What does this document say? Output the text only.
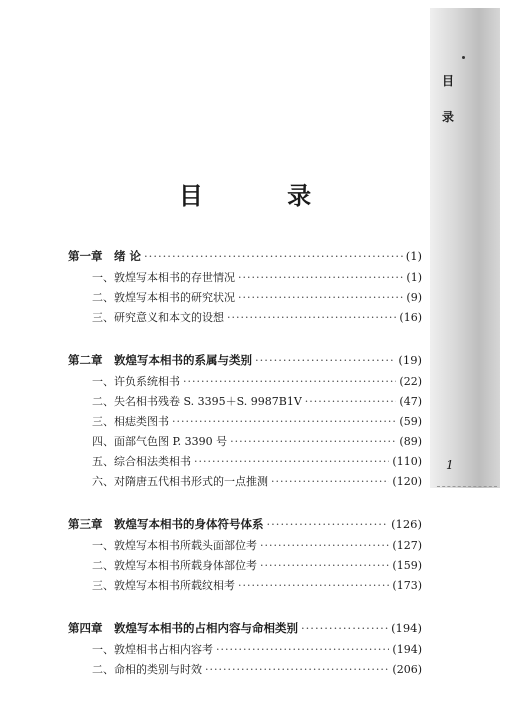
目
录
1
目 录
第一章 绪 论 ·····	(1)
一、敦煌写本相书的存世情况 ·····	(1)
二、敦煌写本相书的研究状况 ·····	(9)
三、研究意义和本文的设想 ·····	(16)
第二章 敦煌写本相书的系属与类别 ·····	(19)
一、许负系统相书 ·····	(22)
二、失名相书残卷 S. 3395＋S. 9987B1V ·····	(47)
三、相痣类图书 ·····	(59)
四、面部气色图 P. 3390 号 ·····	(89)
五、综合相法类相书 ·····	(110)
六、对隋唐五代相书形式的一点推测 ·····	(120)
第三章 敦煌写本相书的身体符号体系 ·····	(126)
一、敦煌写本相书所载头面部位考 ·····	(127)
二、敦煌写本相书所载身体部位考 ·····	(159)
三、敦煌写本相书所载纹相考 ·····	(173)
第四章 敦煌写本相书的占相内容与命相类别 ·····	(194)
一、敦煌相书占相内容考 ·····	(194)
二、命相的类别与时效 ·····	(206)
